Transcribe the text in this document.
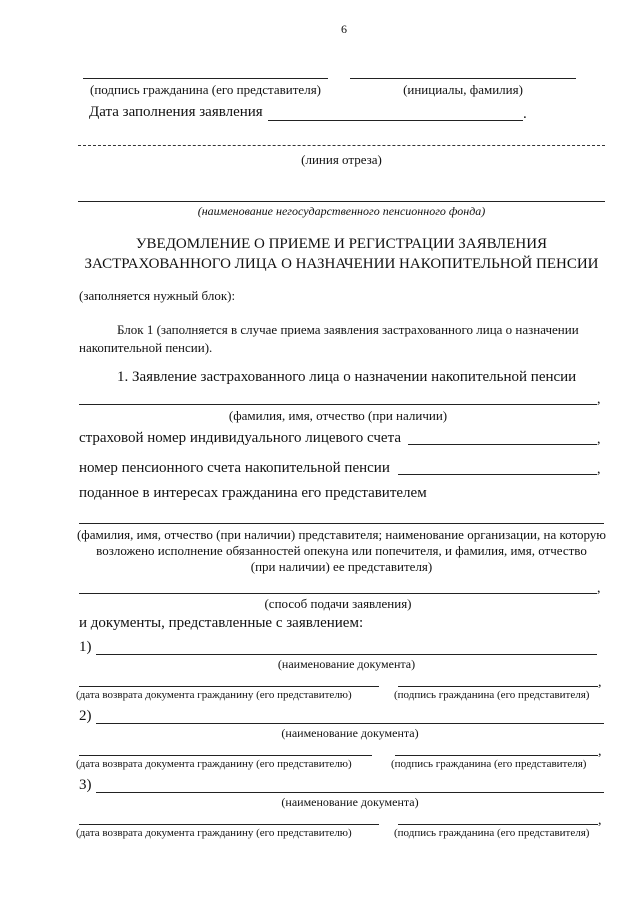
6
(подпись гражданина (его представителя)	(инициалы, фамилия)
Дата заполнения заявления	.
(линия отреза)
(наименование негосударственного пенсионного фонда)
УВЕДОМЛЕНИЕ О ПРИЕМЕ И РЕГИСТРАЦИИ ЗАЯВЛЕНИЯ
ЗАСТРАХОВАННОГО ЛИЦА О НАЗНАЧЕНИИ НАКОПИТЕЛЬНОЙ ПЕНСИИ
(заполняется нужный блок):
Блок 1 (заполняется в случае приема заявления застрахованного лица о назначении
накопительной пенсии).
1. Заявление застрахованного лица о назначении накопительной пенсии
,
(фамилия, имя, отчество (при наличии)
страховой номер индивидуального лицевого счета	,
номер пенсионного счета накопительной пенсии	,
поданное в интересах гражданина его представителем
(фамилия, имя, отчество (при наличии) представителя; наименование организации, на которую
возложено исполнение обязанностей опекуна или попечителя, и фамилия, имя, отчество
(при наличии) ее представителя)
,
(способ подачи заявления)
и документы, представленные с заявлением:
1)
(наименование документа)
,
(дата возврата документа гражданину (его представителю)	(подпись гражданина (его представителя)
2)
(наименование документа)
,
(дата возврата документа гражданину (его представителю)	(подпись гражданина (его представителя)
3)
(наименование документа)
,
(дата возврата документа гражданину (его представителю)	(подпись гражданина (его представителя)
